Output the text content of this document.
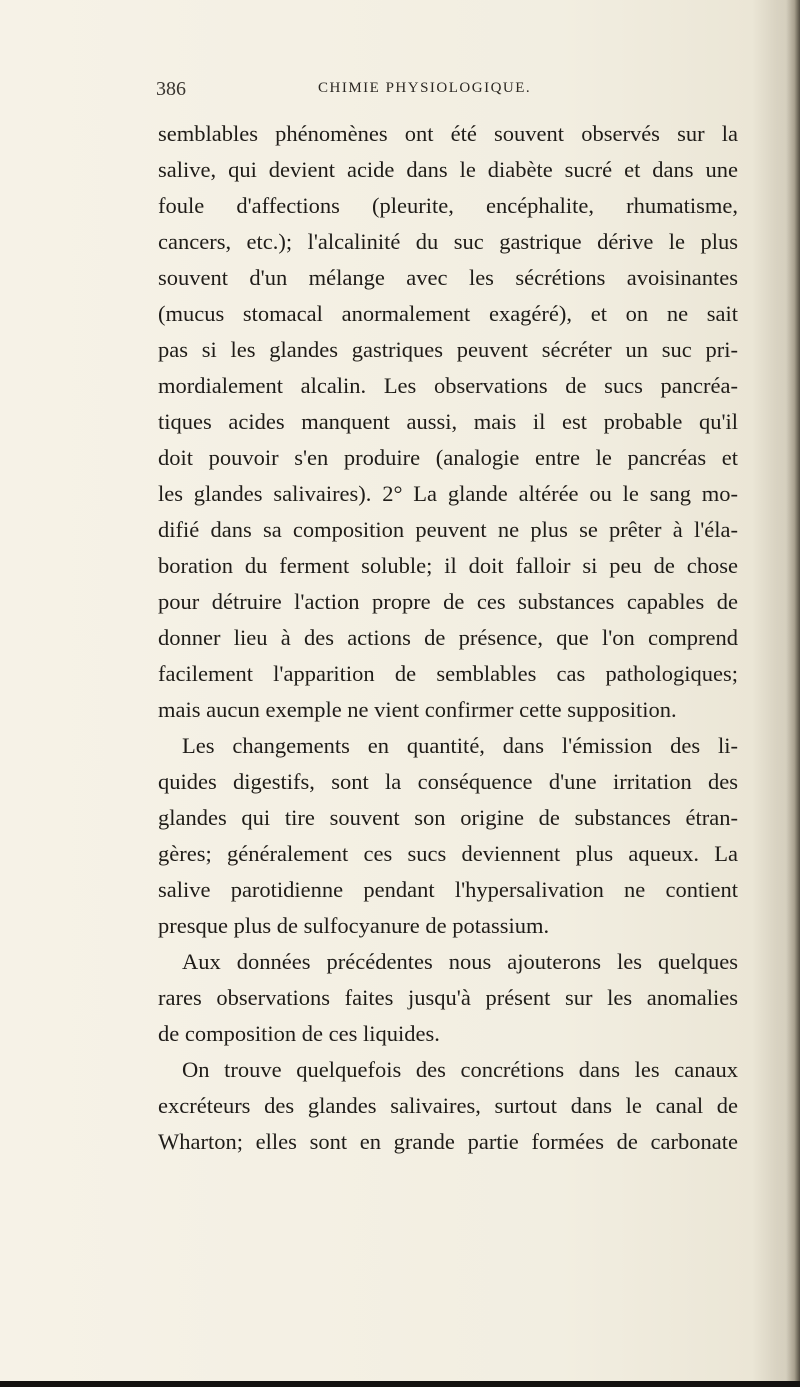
386	CHIMIE PHYSIOLOGIQUE.
semblables phénomènes ont été souvent observés sur la
salive, qui devient acide dans le diabète sucré et dans une
foule d'affections (pleurite, encéphalite, rhumatisme,
cancers, etc.); l'alcalinité du suc gastrique dérive le plus
souvent d'un mélange avec les sécrétions avoisinantes
(mucus stomacal anormalement exagéré), et on ne sait
pas si les glandes gastriques peuvent sécréter un suc pri-
mordialement alcalin. Les observations de sucs pancréa-
tiques acides manquent aussi, mais il est probable qu'il
doit pouvoir s'en produire (analogie entre le pancréas et
les glandes salivaires). 2° La glande altérée ou le sang mo-
difié dans sa composition peuvent ne plus se prêter à l'éla-
boration du ferment soluble; il doit falloir si peu de chose
pour détruire l'action propre de ces substances capables de
donner lieu à des actions de présence, que l'on comprend
facilement l'apparition de semblables cas pathologiques;
mais aucun exemple ne vient confirmer cette supposition.
Les changements en quantité, dans l'émission des li-
quides digestifs, sont la conséquence d'une irritation des
glandes qui tire souvent son origine de substances étran-
gères; généralement ces sucs deviennent plus aqueux. La
salive parotidienne pendant l'hypersalivation ne contient
presque plus de sulfocyanure de potassium.
Aux données précédentes nous ajouterons les quelques
rares observations faites jusqu'à présent sur les anomalies
de composition de ces liquides.
On trouve quelquefois des concrétions dans les canaux
excréteurs des glandes salivaires, surtout dans le canal de
Wharton; elles sont en grande partie formées de carbonate
